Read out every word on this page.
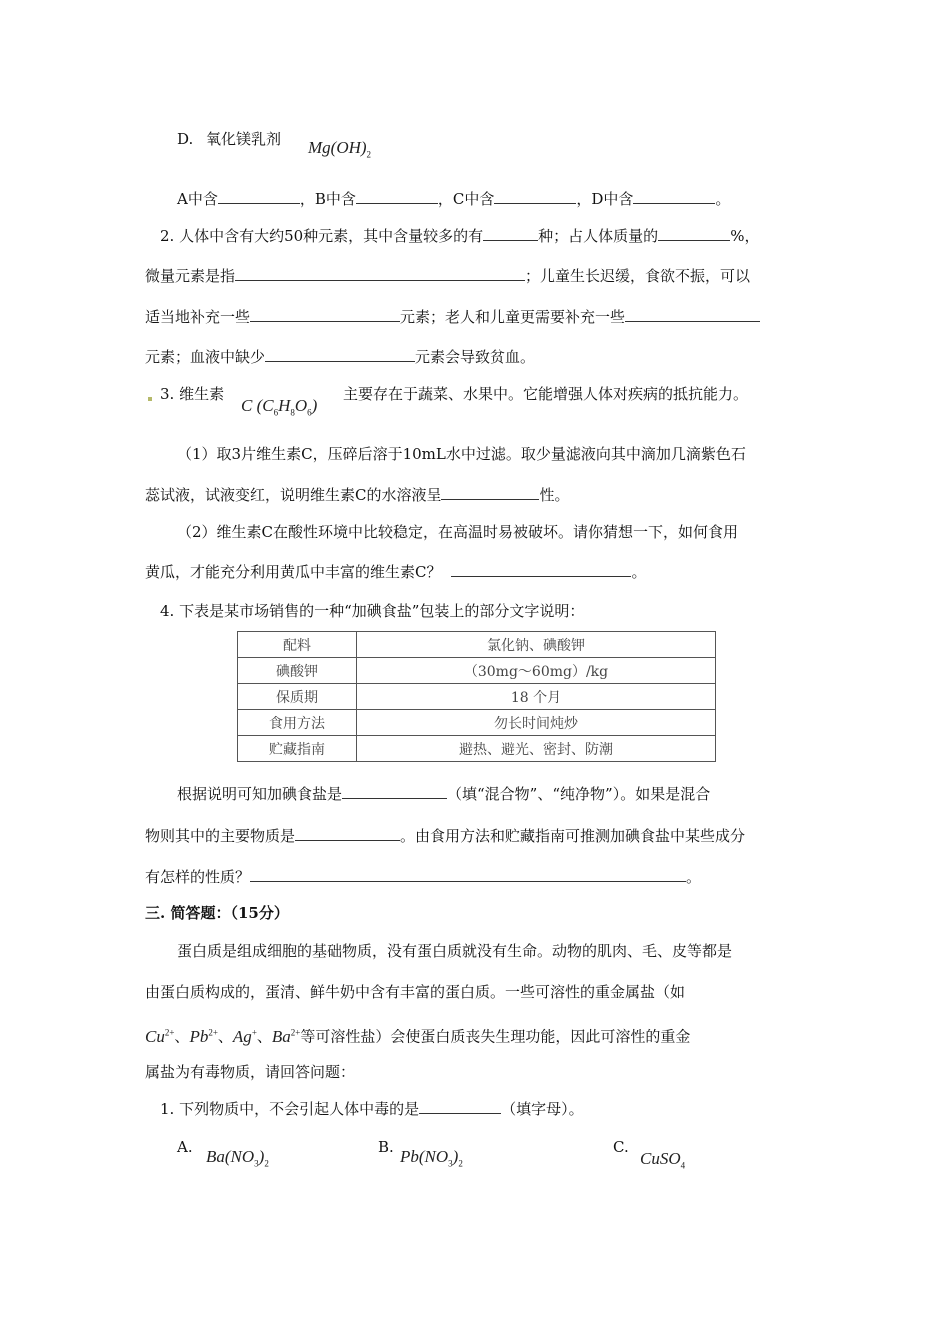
D. 氧化镁乳剂 $Mg(OH)_2$
A中含	，B中含	，C中含	，D中含	。
2. 人体中含有大约50种元素，其中含量较多的有	种；占人体质量的	%，
微量元素是指	；儿童生长迟缓，食欲不振，可以
适当地补充一些	元素；老人和儿童更需要补充一些
元素；血液中缺少	元素会导致贫血。
3. 维生素
C $(C_6H_8O_6)$
主要存在于蔬菜、水果中。它能增强人体对疾病的抵抗能力。
（1）取3片维生素C，压碎后溶于10mL水中过滤。取少量滤液向其中滴加几滴紫色石
蕊试液，试液变红，说明维生素C的水溶液呈	性。
（2）维生素C在酸性环境中比较稳定，在高温时易被破坏。请你猜想一下，如何食用
黄瓜，才能充分利用黄瓜中丰富的维生素C？	。
4. 下表是某市场销售的一种“加碘食盐”包装上的部分文字说明：
配料	氯化钠、碘酸钾
碘酸钾	（30mg～60mg）/kg
保质期	18 个月
食用方法	勿长时间炖炒
贮藏指南	避热、避光、密封、防潮
根据说明可知加碘食盐是	（填“混合物”、“纯净物”）。如果是混合
物则其中的主要物质是	。由食用方法和贮藏指南可推测加碘食盐中某些成分
有怎样的性质？	。
三. 简答题：（15分）
蛋白质是组成细胞的基础物质，没有蛋白质就没有生命。动物的肌肉、毛、皮等都是
由蛋白质构成的，蛋清、鲜牛奶中含有丰富的蛋白质。一些可溶性的重金属盐（如
$Cu^{2+}$、$Pb^{2+}$、Ag+、$Ba^{2+}$等可溶性盐）会使蛋白质丧失生理功能，因此可溶性的重金
属盐为有毒物质，请回答问题：
1. 下列物质中，不会引起人体中毒的是	（填字母）。
A. $Ba(NO_3)_2$
B. $Pb(NO_3)_2$
C.
CuSO$_4$
